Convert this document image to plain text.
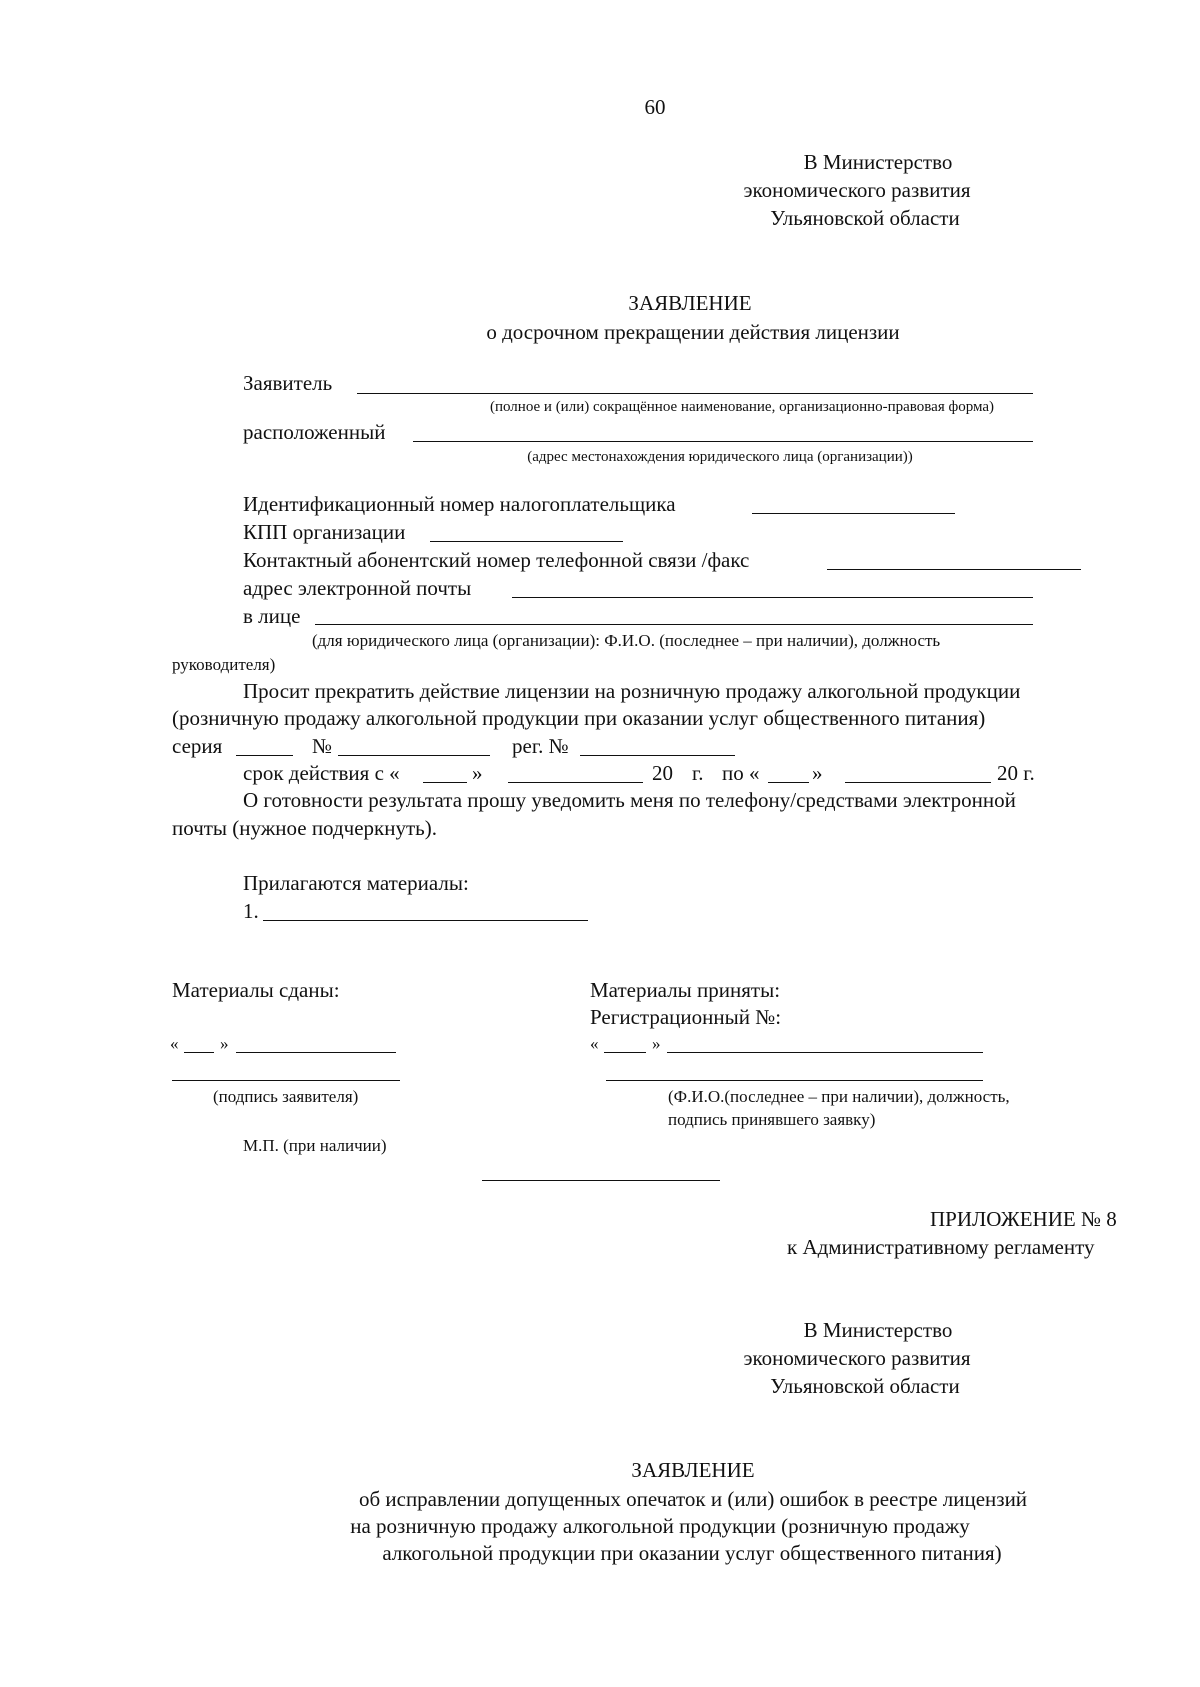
60
В Министерство
экономического развития
Ульяновской области
ЗАЯВЛЕНИЕ
о досрочном прекращении действия лицензии
Заявитель
(полное и (или) сокращённое наименование, организационно-правовая форма)
расположенный
(адрес местонахождения юридического лица (организации))
Идентификационный номер налогоплательщика
КПП организации
Контактный абонентский номер телефонной связи /факс
адрес электронной почты
в лице
(для юридического лица (организации): Ф.И.О. (последнее – при наличии), должность
руководителя)
Просит прекратить действие лицензии на розничную продажу алкогольной продукции
(розничную продажу алкогольной продукции при оказании услуг общественного питания)
серия	№	рег. №
срок действия с «	»	20 г. по «	»	20 г.
О готовности результата прошу уведомить меня по телефону/средствами электронной
почты (нужное подчеркнуть).
Прилагаются материалы:
1.
Материалы сданы:	Материалы приняты:
Регистрационный №:
« »	«	»
(подпись заявителя)	(Ф.И.О.(последнее – при наличии), должность,
подпись принявшего заявку)
М.П. (при наличии)
ПРИЛОЖЕНИЕ № 8
к Административному регламенту
В Министерство
экономического развития
Ульяновской области
ЗАЯВЛЕНИЕ
об исправлении допущенных опечаток и (или) ошибок в реестре лицензий
на розничную продажу алкогольной продукции (розничную продажу
алкогольной продукции при оказании услуг общественного питания)
